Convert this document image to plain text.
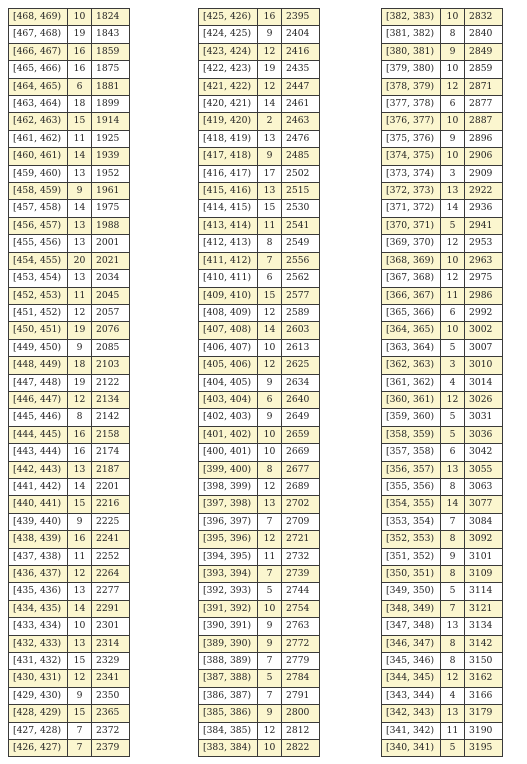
[468, 469)	10	1824
[467, 468)	19	1843
[466, 467)	16	1859
[465, 466)	16	1875
[464, 465)	6	1881
[463, 464)	18	1899
[462, 463)	15	1914
[461, 462)	11	1925
[460, 461)	14	1939
[459, 460)	13	1952
[458, 459)	9	1961
[457, 458)	14	1975
[456, 457)	13	1988
[455, 456)	13	2001
[454, 455)	20	2021
[453, 454)	13	2034
[452, 453)	11	2045
[451, 452)	12	2057
[450, 451)	19	2076
[449, 450)	9	2085
[448, 449)	18	2103
[447, 448)	19	2122
[446, 447)	12	2134
[445, 446)	8	2142
[444, 445)	16	2158
[443, 444)	16	2174
[442, 443)	13	2187
[441, 442)	14	2201
[440, 441)	15	2216
[439, 440)	9	2225
[438, 439)	16	2241
[437, 438)	11	2252
[436, 437)	12	2264
[435, 436)	13	2277
[434, 435)	14	2291
[433, 434)	10	2301
[432, 433)	13	2314
[431, 432)	15	2329
[430, 431)	12	2341
[429, 430)	9	2350
[428, 429)	15	2365
[427, 428)	7	2372
[426, 427)	7	2379
[425, 426)	16	2395
[424, 425)	9	2404
[423, 424)	12	2416
[422, 423)	19	2435
[421, 422)	12	2447
[420, 421)	14	2461
[419, 420)	2	2463
[418, 419)	13	2476
[417, 418)	9	2485
[416, 417)	17	2502
[415, 416)	13	2515
[414, 415)	15	2530
[413, 414)	11	2541
[412, 413)	8	2549
[411, 412)	7	2556
[410, 411)	6	2562
[409, 410)	15	2577
[408, 409)	12	2589
[407, 408)	14	2603
[406, 407)	10	2613
[405, 406)	12	2625
[404, 405)	9	2634
[403, 404)	6	2640
[402, 403)	9	2649
[401, 402)	10	2659
[400, 401)	10	2669
[399, 400)	8	2677
[398, 399)	12	2689
[397, 398)	13	2702
[396, 397)	7	2709
[395, 396)	12	2721
[394, 395)	11	2732
[393, 394)	7	2739
[392, 393)	5	2744
[391, 392)	10	2754
[390, 391)	9	2763
[389, 390)	9	2772
[388, 389)	7	2779
[387, 388)	5	2784
[386, 387)	7	2791
[385, 386)	9	2800
[384, 385)	12	2812
[383, 384)	10	2822
[382, 383)	10	2832
[381, 382)	8	2840
[380, 381)	9	2849
[379, 380)	10	2859
[378, 379)	12	2871
[377, 378)	6	2877
[376, 377)	10	2887
[375, 376)	9	2896
[374, 375)	10	2906
[373, 374)	3	2909
[372, 373)	13	2922
[371, 372)	14	2936
[370, 371)	5	2941
[369, 370)	12	2953
[368, 369)	10	2963
[367, 368)	12	2975
[366, 367)	11	2986
[365, 366)	6	2992
[364, 365)	10	3002
[363, 364)	5	3007
[362, 363)	3	3010
[361, 362)	4	3014
[360, 361)	12	3026
[359, 360)	5	3031
[358, 359)	5	3036
[357, 358)	6	3042
[356, 357)	13	3055
[355, 356)	8	3063
[354, 355)	14	3077
[353, 354)	7	3084
[352, 353)	8	3092
[351, 352)	9	3101
[350, 351)	8	3109
[349, 350)	5	3114
[348, 349)	7	3121
[347, 348)	13	3134
[346, 347)	8	3142
[345, 346)	8	3150
[344, 345)	12	3162
[343, 344)	4	3166
[342, 343)	13	3179
[341, 342)	11	3190
[340, 341)	5	3195
